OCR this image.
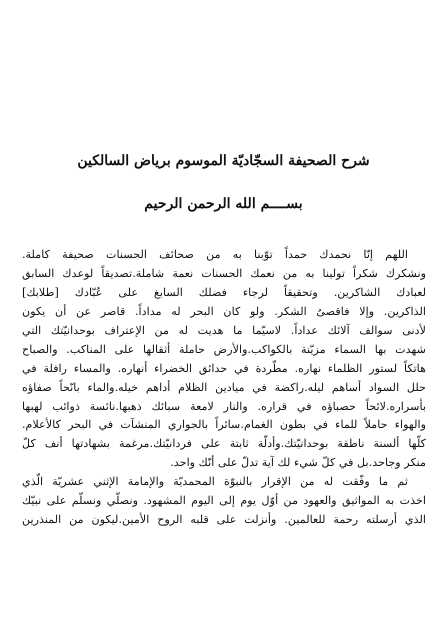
شرح الصحيفة السجّاديّة الموسوم برياض السالكين
بســــم الله الرحمن الرحيم
اللهم إنّا نحمدك حمداً توّبنا به من صحائف الحسنات صحيفة كاملة.
ونشكرك شكراً تولينا به من نعمك الحسنات نعمة شاملة.تصديقاً لوعدك السابق
لعبادك الشاكرين. وتحقيقاً لرجاء فضلك السابغ على عُبّادك [طلابك]
الذاكرين. وإلا فاقصىُ الشكر. ولو كان البحر له مداداً. قاصر عن أن يكون
لأدنى سوالف آلائك عداداً. لاسيّما ما هديت له من الإعتراف بوحدانيّتك التي
شهدت بها السماء مزيّنة بالكواكب.والأرض حاملة أثقالها على المناكب. والصباح
هاتكاً لستور الظلماء نهاره. مطّردة في حدائق الخضراء أنهاره. والمساء رافلة في
حلل السواد أساهم ليله.راكضة في ميادين الظلام أداهم خيله.والماء بانّحاً صفاؤه
بأسراره.لائحاً حصباؤه في قراره. والنار لامعة سبائك ذهبها.نائسة ذوائب لهبها
والهواء حاملاً للماء في بطون الغمام.سائراً بالجواري المنشآت في البحر كالأعلام.
كلّها ألسنة ناطقة بوحدانيّتك.وأدلّة ثابتة على فردانيّتك.مرغمة بشهادتها أنف كلّ
منكر وجاحد.بل في كلّ شيء لك آية تدلّ على أنّك واحد.
ثم ما وفّقت له من الإقرار بالنبوّة المحمديّة والإمامة الإثني عشريّة الّذي
اخذت به المواثيق والعهود من أوّل يوم إلى اليوم المشهود. ونصلّي ونسلّم على نبيّك
الذي أرسلته رحمة للعالمين. وأنزلت على قلبه الروح الأمين.ليكون من المنذرين
